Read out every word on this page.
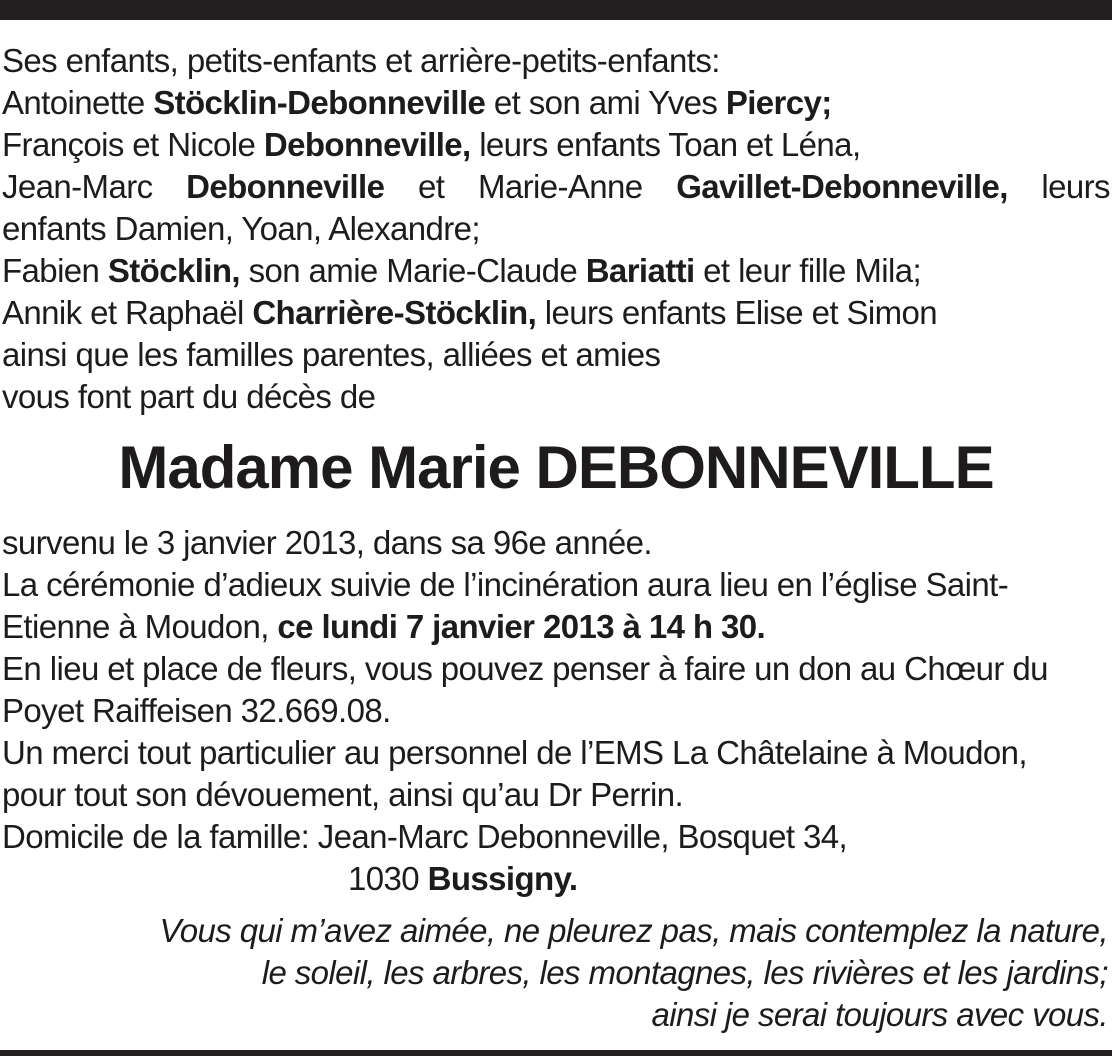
Ses enfants, petits-enfants et arrière-petits-enfants:

Antoinette Stöcklin-Debonneville et son ami Yves Piercy;

François et Nicole Debonneville, leurs enfants Toan et Léna,

Jean-Marc Debonneville et Marie-Anne Gavillet-Debonneville, leurs

enfants Damien, Yoan, Alexandre;

Fabien Stöcklin, son amie Marie-Claude Bariatti et leur fille Mila;

Annik et Raphaël Charrière-Stöcklin, leurs enfants Elise et Simon

ainsi que les familles parentes, alliées et amies

vous font part du décès de

Madame Marie DEBONNEVILLE

survenu le 3 janvier 2013, dans sa 96e année.

La cérémonie d’adieux suivie de l’incinération aura lieu en l’église Saint-

Etienne à Moudon, ce lundi 7 janvier 2013 à 14 h 30.

En lieu et place de fleurs, vous pouvez penser à faire un don au Chœur du

Poyet Raiffeisen 32.669.08.

Un merci tout particulier au personnel de l’EMS La Châtelaine à Moudon,

pour tout son dévouement, ainsi qu’au Dr Perrin.

Domicile de la famille: Jean-Marc Debonneville, Bosquet 34,

1030 Bussigny.

Vous qui m’avez aimée, ne pleurez pas, mais contemplez la nature,

le soleil, les arbres, les montagnes, les rivières et les jardins;

ainsi je serai toujours avec vous.
